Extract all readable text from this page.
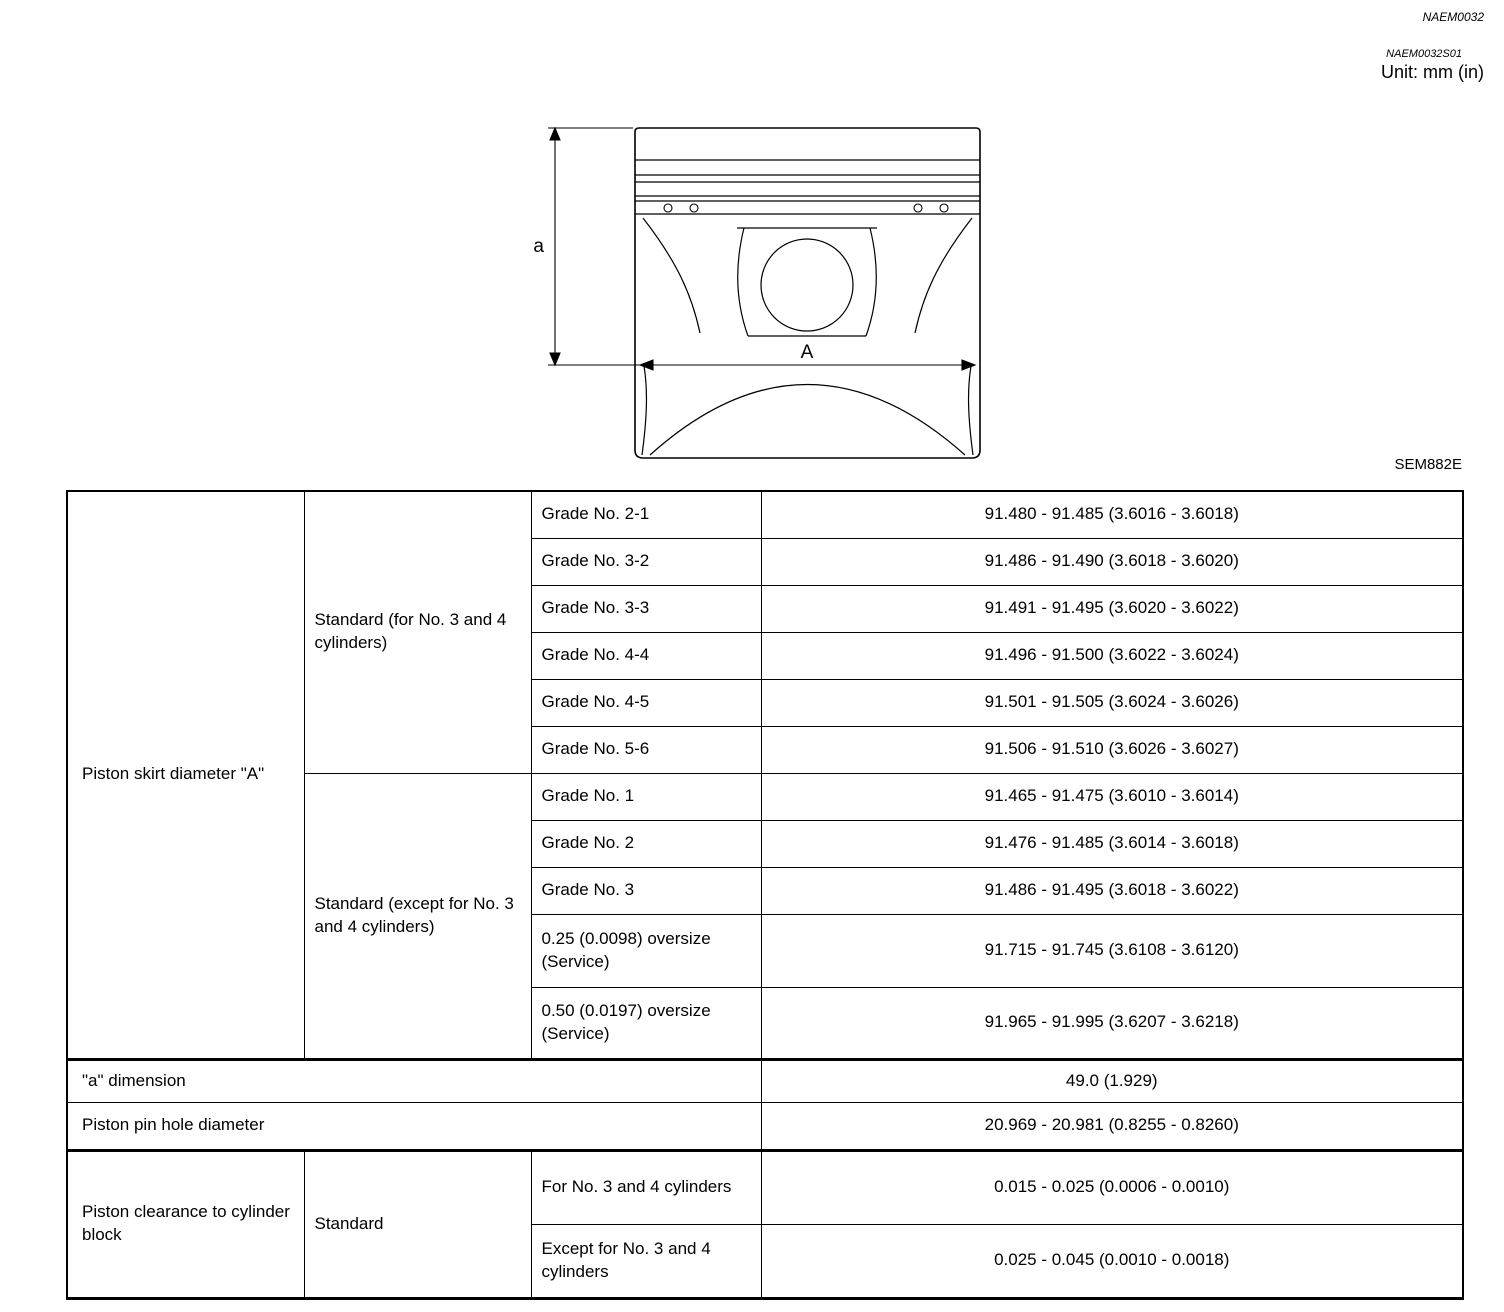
NAEM0032
NAEM0032S01
Unit: mm (in)
a
A
SEM882E
Piston skirt diameter "A"	Standard (for No. 3 and 4 cylinders)	Grade No. 2-1	91.480 - 91.485 (3.6016 - 3.6018)
		Grade No. 3-2	91.486 - 91.490 (3.6018 - 3.6020)
		Grade No. 3-3	91.491 - 91.495 (3.6020 - 3.6022)
		Grade No. 4-4	91.496 - 91.500 (3.6022 - 3.6024)
		Grade No. 4-5	91.501 - 91.505 (3.6024 - 3.6026)
		Grade No. 5-6	91.506 - 91.510 (3.6026 - 3.6027)
	Standard (except for No. 3 and 4 cylinders)	Grade No. 1	91.465 - 91.475 (3.6010 - 3.6014)
		Grade No. 2	91.476 - 91.485 (3.6014 - 3.6018)
		Grade No. 3	91.486 - 91.495 (3.6018 - 3.6022)
		0.25 (0.0098) oversize (Service)	91.715 - 91.745 (3.6108 - 3.6120)
		0.50 (0.0197) oversize (Service)	91.965 - 91.995 (3.6207 - 3.6218)
"a" dimension			49.0 (1.929)
Piston pin hole diameter			20.969 - 20.981 (0.8255 - 0.8260)
Piston clearance to cylinder block	Standard	For No. 3 and 4 cylinders	0.015 - 0.025 (0.0006 - 0.0010)
		Except for No. 3 and 4 cylinders	0.025 - 0.045 (0.0010 - 0.0018)
